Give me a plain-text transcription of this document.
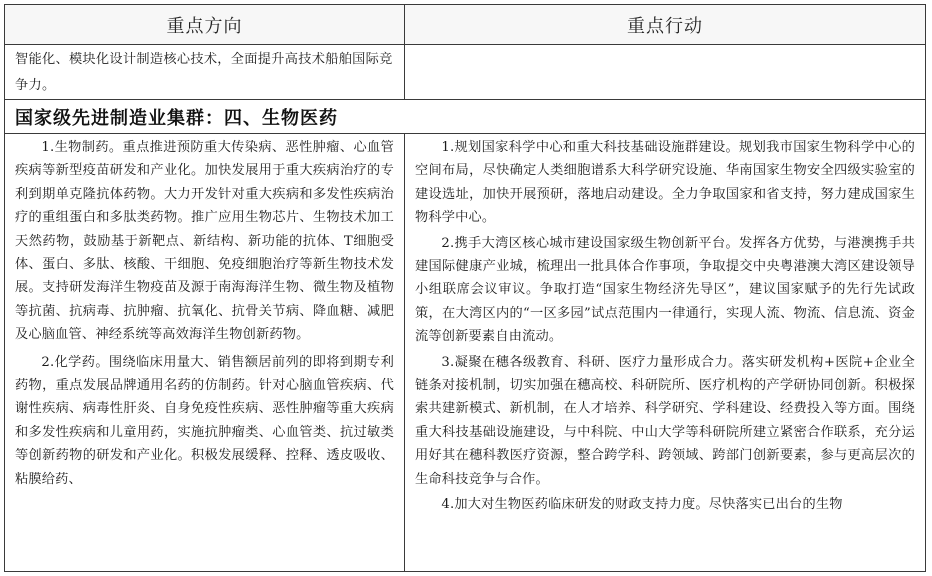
重点方向	重点行动
智能化、模块化设计制造核心技术，全面提升高技术船舶国际竞争力。
国家级先进制造业集群：四、生物医药

1.生物制药。重点推进预防重大传染病、恶性肿瘤、心血管疾病等新型疫苗研发和产业化。加快发展用于重大疾病治疗的专利到期单克隆抗体药物。大力开发针对重大疾病和多发性疾病治疗的重组蛋白和多肽类药物。推广应用生物芯片、生物技术加工天然药物，鼓励基于新靶点、新结构、新功能的抗体、T细胞受体、蛋白、多肽、核酸、干细胞、免疫细胞治疗等新生物技术发展。支持研发海洋生物疫苗及源于南海海洋生物、微生物及植物等抗菌、抗病毒、抗肿瘤、抗氧化、抗骨关节病、降血糖、减肥及心脑血管、神经系统等高效海洋生物创新药物。

2.化学药。围绕临床用量大、销售额居前列的即将到期专利药物，重点发展品牌通用名药的仿制药。针对心脑血管疾病、代谢性疾病、病毒性肝炎、自身免疫性疾病、恶性肿瘤等重大疾病和多发性疾病和儿童用药，实施抗肿瘤类、心血管类、抗过敏类等创新药物的研发和产业化。积极发展缓释、控释、透皮吸收、粘膜给药、

1.规划国家科学中心和重大科技基础设施群建设。规划我市国家生物科学中心的空间布局，尽快确定人类细胞谱系大科学研究设施、华南国家生物安全四级实验室的建设选址，加快开展预研，落地启动建设。全力争取国家和省支持，努力建成国家生物科学中心。

2.携手大湾区核心城市建设国家级生物创新平台。发挥各方优势，与港澳携手共建国际健康产业城，梳理出一批具体合作事项，争取提交中央粤港澳大湾区建设领导小组联席会议审议。争取打造“国家生物经济先导区”，建议国家赋予的先行先试政策，在大湾区内的“一区多园”试点范围内一律通行，实现人流、物流、信息流、资金流等创新要素自由流动。

3.凝聚在穗各级教育、科研、医疗力量形成合力。落实研发机构+医院+企业全链条对接机制，切实加强在穗高校、科研院所、医疗机构的产学研协同创新。积极探索共建新模式、新机制，在人才培养、科学研究、学科建设、经费投入等方面。围绕重大科技基础设施建设，与中科院、中山大学等科研院所建立紧密合作联系，充分运用好其在穗科教医疗资源，整合跨学科、跨领域、跨部门创新要素，参与更高层次的生命科技竞争与合作。

4.加大对生物医药临床研发的财政支持力度。尽快落实已出台的生物
